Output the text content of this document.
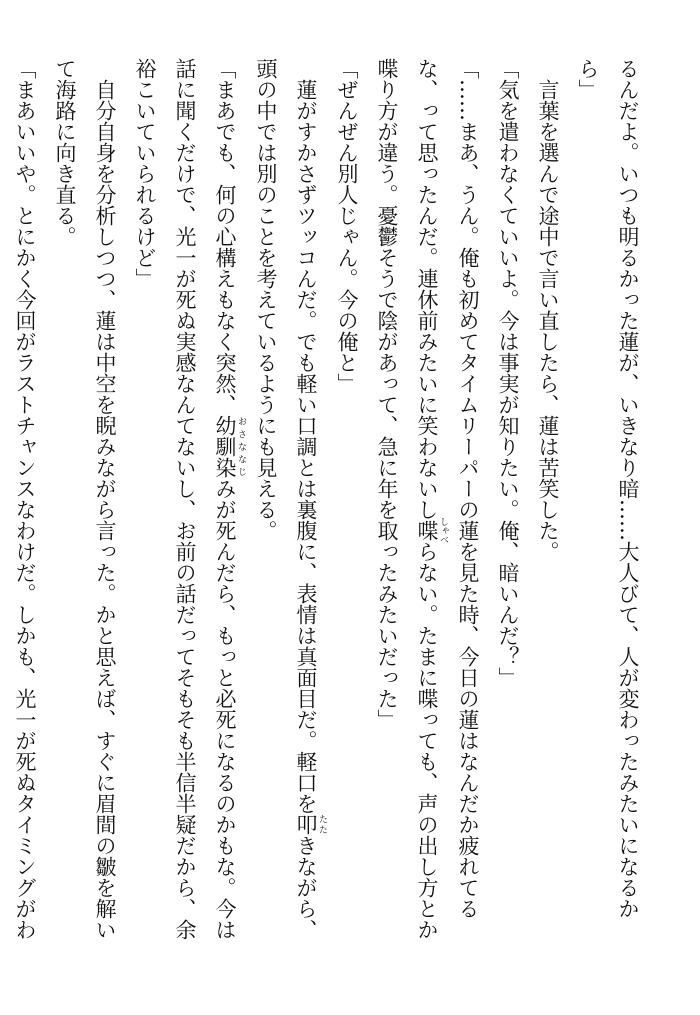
るんだよ。いつも明るかった蓮が、いきなり暗……大人びて、人が変わったみたいになるか
ら」
　言葉を選んで途中で言い直したら、蓮は苦笑した。
「気を遣わなくていいよ。今は事実が知りたい。俺、暗いんだ？」
「……まあ、うん。俺も初めてタイムリーパーの蓮を見た時、今日の蓮はなんだか疲れてる
な、って思ったんだ。連休前みたいに笑わないし喋 しゃべらない。たまに喋っても、声の出し方とか
喋り方が違う。憂鬱そうで陰があって、急に年を取ったみたいだった」
「ぜんぜん別人じゃん。今の俺と」
　蓮がすかさずツッコんだ。でも軽い口調とは裏腹に、表情は真面目だ。軽口を叩 たたきながら、
頭の中では別のことを考えているようにも見える。
「まあでも、何の心構えもなく突然、幼馴染 おさななじみが死んだら、もっと必死になるのかもな。今は
話に聞くだけで、光一が死ぬ実感なんてないし、お前の話だってそもそも半信半疑だから、余
裕こいていられるけど」
　自分自身を分析しつつ、蓮は中空を睨みながら言った。かと思えば、すぐに眉間の皺を解い
て海路に向き直る。
「まあいいや。とにかく今回がラストチャンスなわけだ。しかも、光一が死ぬタイミングがわ
